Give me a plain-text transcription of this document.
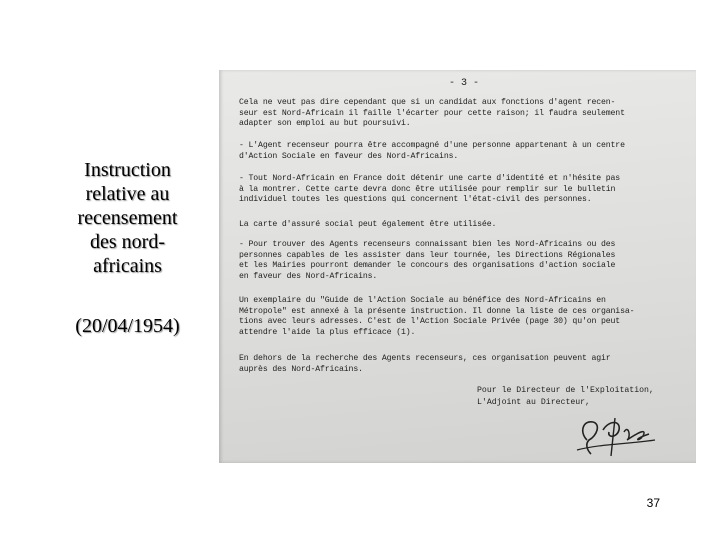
Instruction
relative au
recensement
des nord-
africains
(20/04/1954)
- 3 -
Cela ne veut pas dire cependant que si un candidat aux fonctions d'agent recen-
seur est Nord-Africain il faille l'écarter pour cette raison; il faudra seulement
adapter son emploi au but poursuivi.
- L'Agent recenseur pourra être accompagné d'une personne appartenant à un centre
d'Action Sociale en faveur des Nord-Africains.
- Tout Nord-Africain en France doit détenir une carte d'identité et n'hésite pas
à la montrer. Cette carte devra donc être utilisée pour remplir sur le bulletin
individuel toutes les questions qui concernent l'état-civil des personnes.
La carte d'assuré social peut également être utilisée.
- Pour trouver des Agents recenseurs connaissant bien les Nord-Africains ou des
personnes capables de les assister dans leur tournée, les Directions Régionales
et les Mairies pourront demander le concours des organisations d'action sociale
en faveur des Nord-Africains.
Un exemplaire du "Guide de l'Action Sociale au bénéfice des Nord-Africains en
Métropole" est annexé à la présente instruction. Il donne la liste de ces organisa-
tions avec leurs adresses. C'est de l'Action Sociale Privée (page 30) qu'on peut
attendre l'aide la plus efficace (1).
En dehors de la recherche des Agents recenseurs, ces organisation peuvent agir
auprès des Nord-Africains.
Pour le Directeur de l'Exploitation,
L'Adjoint au Directeur,
37
